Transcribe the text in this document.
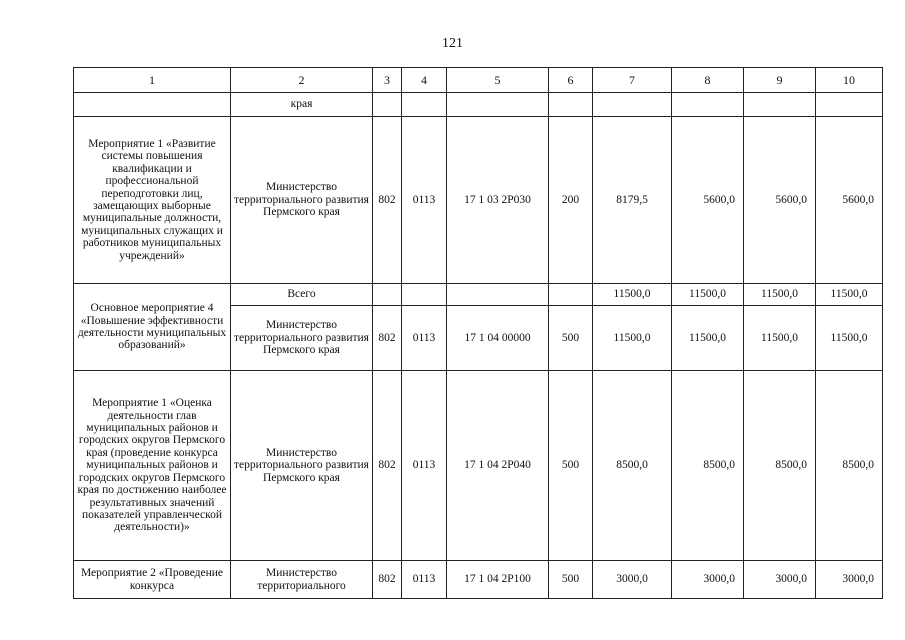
121
1	2	3	4	5	6	7	8	9	10
	края								
Мероприятие 1 «Развитие системы повышения квалификации и профессиональной переподготовки лиц, замещающих выборные муниципальные должности, муниципальных служащих и работников муниципальных учреждений»	Министерство территориального развития Пермского края	802	0113	17 1 03 2Р030	200	8179,5	5600,0	5600,0	5600,0
Основное мероприятие 4 «Повышение эффективности деятельности муниципальных образований»	Всего					11500,0	11500,0	11500,0	11500,0
	Министерство территориального развития Пермского края	802	0113	17 1 04 00000	500	11500,0	11500,0	11500,0	11500,0
Мероприятие 1 «Оценка деятельности глав муниципальных районов и городских округов Пермского края (проведение конкурса муниципальных районов и городских округов Пермского края по достижению наиболее результативных значений показателей управленческой деятельности)»	Министерство территориального развития Пермского края	802	0113	17 1 04 2Р040	500	8500,0	8500,0	8500,0	8500,0
Мероприятие 2 «Проведение конкурса	Министерство территориального	802	0113	17 1 04 2Р100	500	3000,0	3000,0	3000,0	3000,0
